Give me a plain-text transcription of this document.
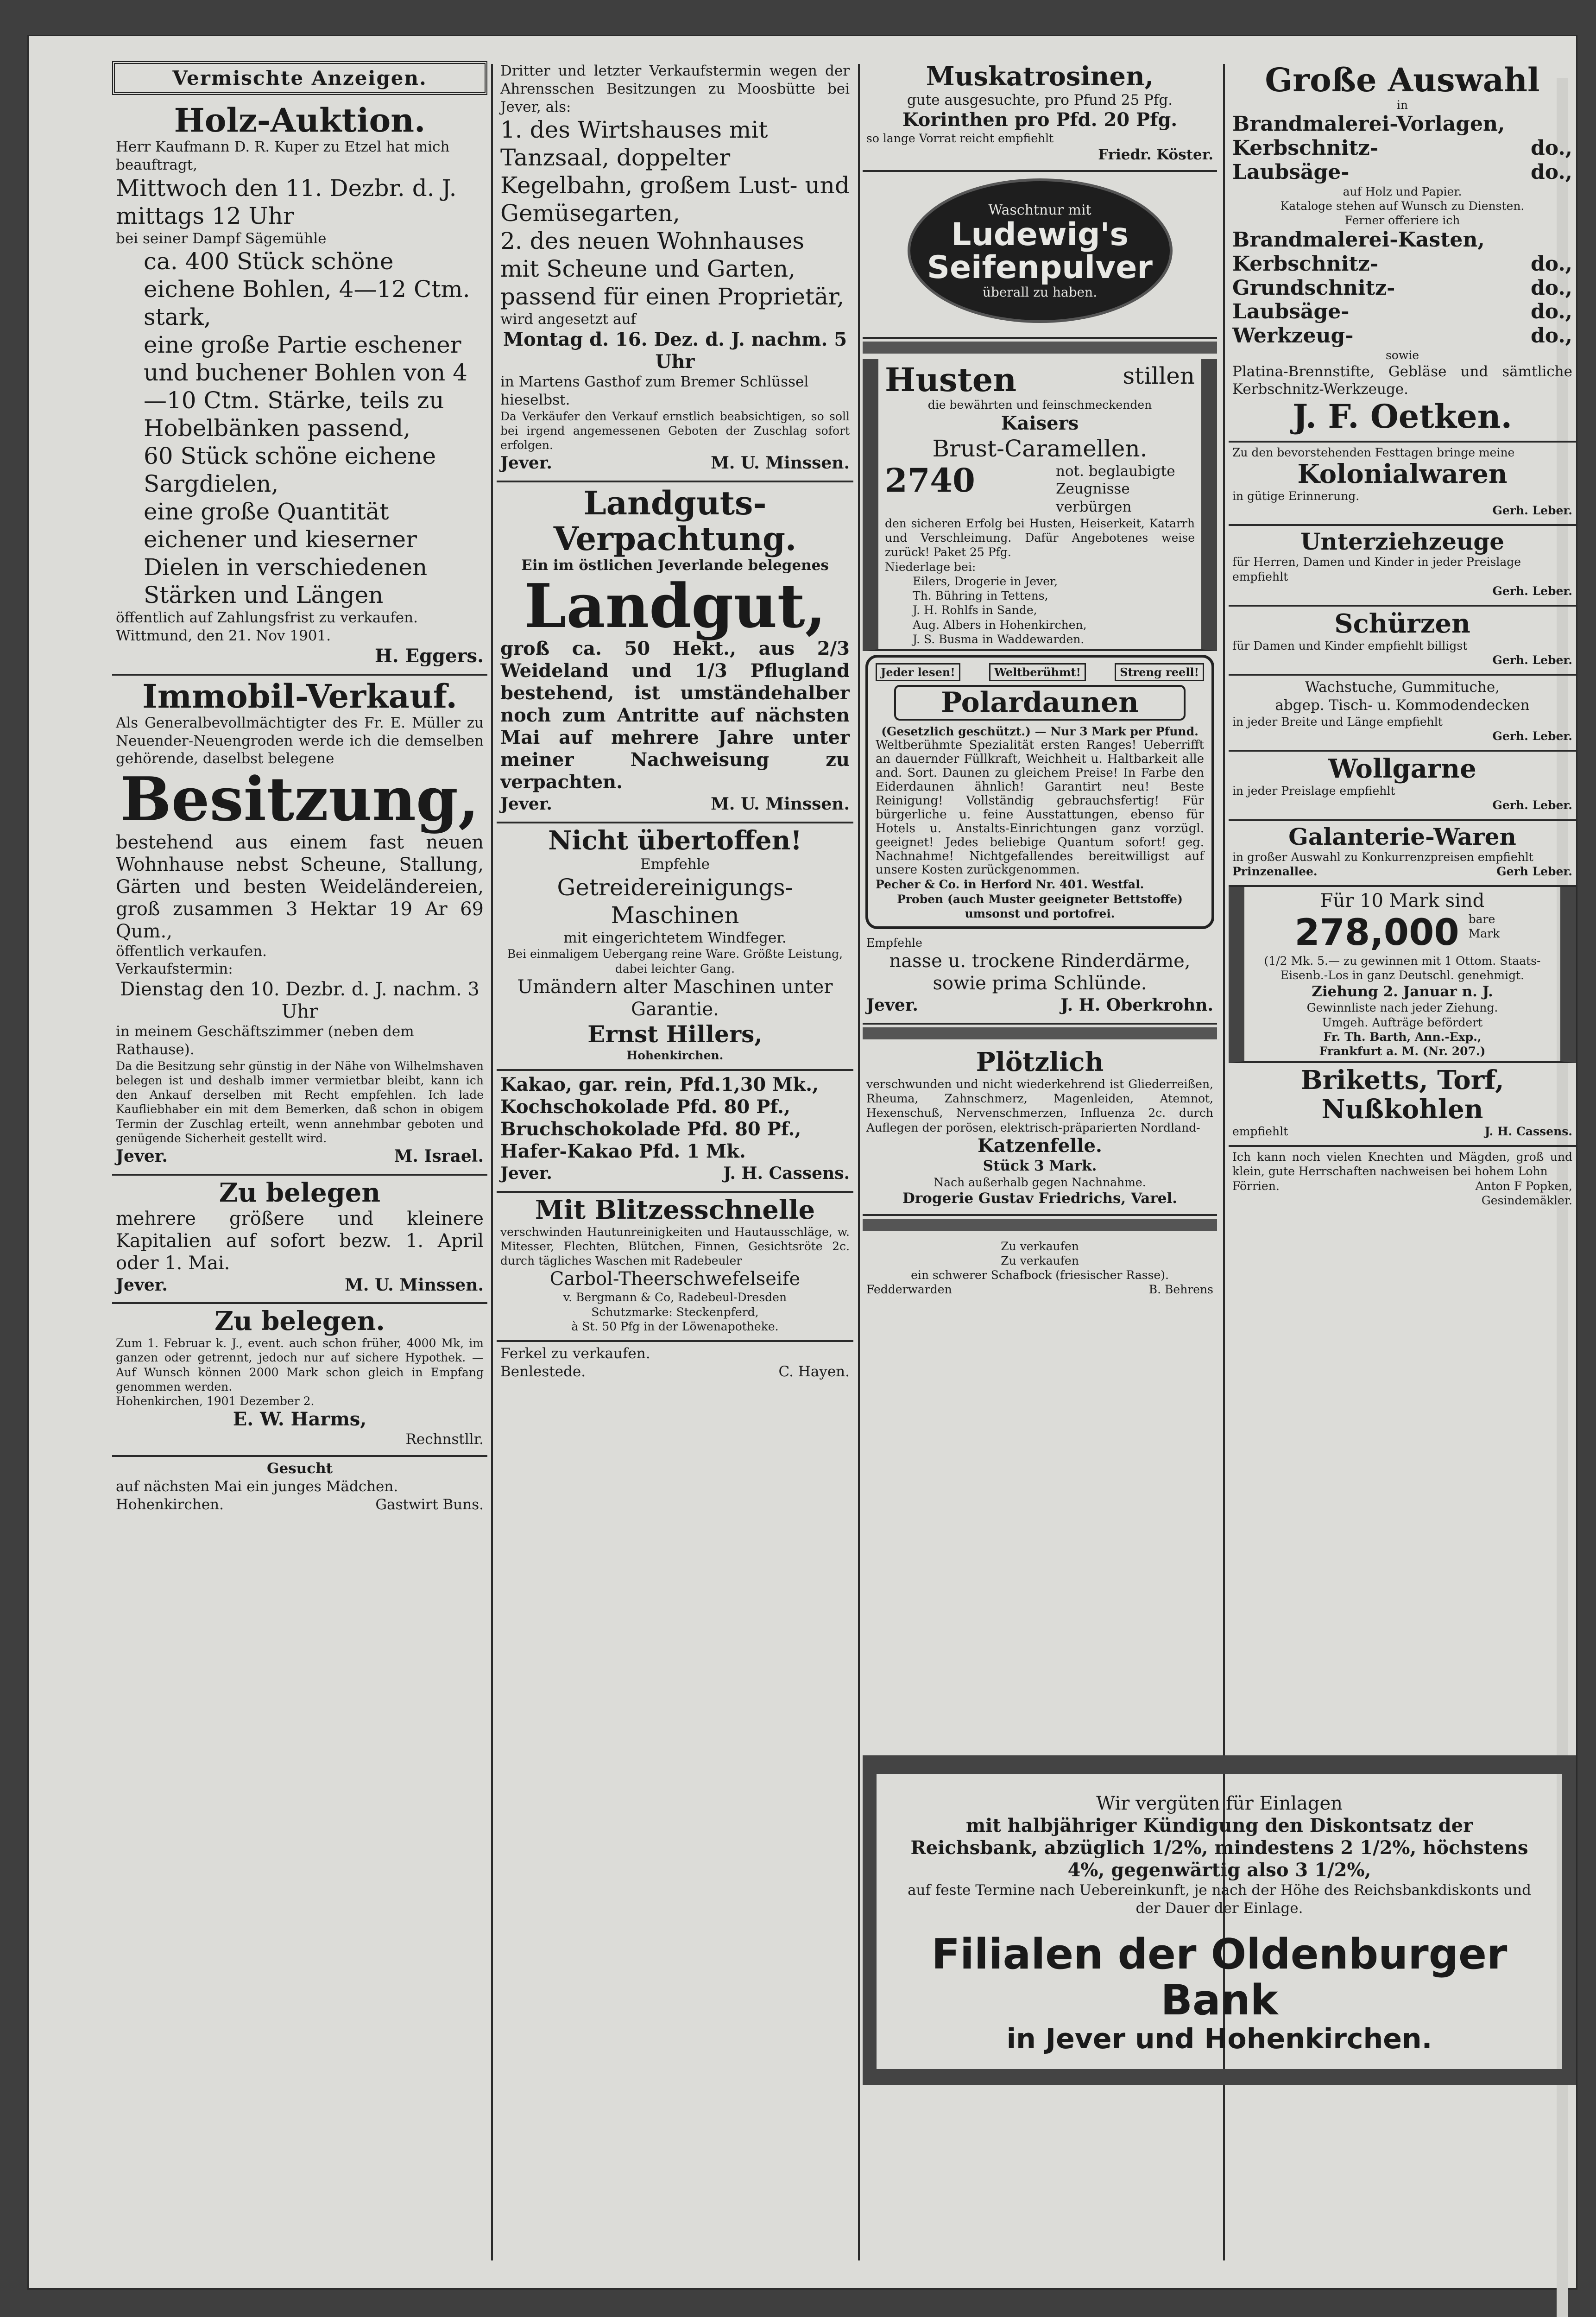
Vermischte Anzeigen.

Holz-Auktion.

Herr Kaufmann D. R. Kuper zu Etzel hat mich beauftragt,

Mittwoch den 11. Dezbr. d. J. mittags 12 Uhr

bei seiner Dampf Sägemühle

ca. 400 Stück schöne eichene Bohlen, 4—12 Ctm. stark,

eine große Partie eschener und buchener Bohlen von 4—10 Ctm. Stärke, teils zu Hobelbänken passend,

60 Stück schöne eichene Sargdielen,

eine große Quantität eichener und kieserner Dielen in verschiedenen Stärken und Längen

öffentlich auf Zahlungsfrist zu verkaufen.

Wittmund, den 21. Nov 1901.

H. Eggers.

Immobil-Verkauf.

Als Generalbevollmächtigter des Fr. E. Müller zu Neuender-Neuengroden werde ich die demselben gehörende, daselbst belegene

Besitzung,

bestehend aus einem fast neuen Wohnhause nebst Scheune, Stallung, Gärten und besten Weideländereien, groß zusammen 3 Hektar 19 Ar 69 Qum.,

öffentlich verkaufen.

Verkaufstermin:

Dienstag den 10. Dezbr. d. J. nachm. 3 Uhr

in meinem Geschäftszimmer (neben dem Rathause).

Da die Besitzung sehr günstig in der Nähe von Wilhelmshaven belegen ist und deshalb immer vermietbar bleibt, kann ich den Ankauf derselben mit Recht empfehlen. Ich lade Kaufliebhaber ein mit dem Bemerken, daß schon in obigem Termin der Zuschlag erteilt, wenn annehmbar geboten und genügende Sicherheit gestellt wird.

Jever.	M. Israel.

Zu belegen

mehrere größere und kleinere Kapitalien auf sofort bezw. 1. April oder 1. Mai.

Jever.	M. U. Minssen.

Zu belegen.

Zum 1. Februar k. J., event. auch schon früher, 4000 Mk, im ganzen oder getrennt, jedoch nur auf sichere Hypothek. — Auf Wunsch können 2000 Mark schon gleich in Empfang genommen werden.

Hohenkirchen, 1901 Dezember 2.

E. W. Harms,

Rechnstllr.

Gesucht

auf nächsten Mai ein junges Mädchen.

Hohenkirchen.	Gastwirt Buns.

Dritter und letzter Verkaufstermin wegen der Ahrensschen Besitzungen zu Moosbütte bei Jever, als:

1. des Wirtshauses mit Tanzsaal, doppelter Kegelbahn, großem Lust- und Gemüsegarten,

2. des neuen Wohnhauses mit Scheune und Garten, passend für einen Proprietär,

wird angesetzt auf

Montag d. 16. Dez. d. J. nachm. 5 Uhr

in Martens Gasthof zum Bremer Schlüssel hieselbst.

Da Verkäufer den Verkauf ernstlich beabsichtigen, so soll bei irgend angemessenen Geboten der Zuschlag sofort erfolgen.

Jever.	M. U. Minssen.

Landguts-

Verpachtung.

Ein im östlichen Jeverlande belegenes

Landgut,

groß ca. 50 Hekt., aus 2/3 Weideland und 1/3 Pflugland bestehend, ist umständehalber noch zum Antritte auf nächsten Mai auf mehrere Jahre unter meiner Nachweisung zu verpachten.

Jever.	M. U. Minssen.

Nicht übertoffen!

Empfehle

Getreidereinigungs-Maschinen

mit eingerichtetem Windfeger.

Bei einmaligem Uebergang reine Ware. Größte Leistung, dabei leichter Gang.

Umändern alter Maschinen unter Garantie.

Ernst Hillers,

Hohenkirchen.

Kakao, gar. rein, Pfd.1,30 Mk.,

Kochschokolade Pfd. 80 Pf.,

Bruchschokolade Pfd. 80 Pf.,

Hafer-Kakao Pfd. 1 Mk.

Jever.	J. H. Cassens.

Mit Blitzesschnelle

verschwinden Hautunreinigkeiten und Hautausschläge, w. Mitesser, Flechten, Blütchen, Finnen, Gesichtsröte 2c. durch tägliches Waschen mit Radebeuler

Carbol-Theerschwefelseife

v. Bergmann & Co, Radebeul-Dresden

Schutzmarke: Steckenpferd,

à St. 50 Pfg in der Löwenapotheke.

Ferkel zu verkaufen.

Benlestede.	C. Hayen.

Muskatrosinen,

gute ausgesuchte, pro Pfund 25 Pfg.

Korinthen pro Pfd. 20 Pfg.

so lange Vorrat reicht empfiehlt

Friedr. Köster.

Waschtnur mit
Ludewig's
Seifenpulver
überall zu haben.
Husten	stillen

die bewährten und feinschmeckenden

Kaisers

Brust-Caramellen.

2740	not. beglaubigte Zeugnisse verbürgen

den sicheren Erfolg bei Husten, Heiserkeit, Katarrh und Verschleimung. Dafür Angebotenes weise zurück! Paket 25 Pfg.

Niederlage bei:

Eilers, Drogerie in Jever,

Th. Bühring in Tettens,

J. H. Rohlfs in Sande,

Aug. Albers in Hohenkirchen,

J. S. Busma in Waddewarden.

Jeder lesen!	Weltberühmt!	Streng reell!

Polardaunen

(Gesetzlich geschützt.) — Nur 3 Mark per Pfund.

Weltberühmte Spezialität ersten Ranges! Ueberrifft an dauernder Füllkraft, Weichheit u. Haltbarkeit alle and. Sort. Daunen zu gleichem Preise! In Farbe den Eiderdaunen ähnlich! Garantirt neu! Beste Reinigung! Vollständig gebrauchsfertig! Für bürgerliche u. feine Ausstattungen, ebenso für Hotels u. Anstalts-Einrichtungen ganz vorzügl. geeignet! Jedes beliebige Quantum sofort! geg. Nachnahme! Nichtgefallendes bereitwilligst auf unsere Kosten zurückgenommen.

Pecher & Co. in Herford Nr. 401. Westfal.

Proben (auch Muster geeigneter Bettstoffe) umsonst und portofrei.

Empfehle

nasse u. trockene Rinderdärme,

sowie prima Schlünde.

Jever.	J. H. Oberkrohn.

Plötzlich

verschwunden und nicht wiederkehrend ist Gliederreißen, Rheuma, Zahnschmerz, Magenleiden, Atemnot, Hexenschuß, Nervenschmerzen, Influenza 2c. durch Auflegen der porösen, elektrisch-präparierten Nordland-

Katzenfelle.

Stück 3 Mark.

Nach außerhalb gegen Nachnahme.

Drogerie Gustav Friedrichs, Varel.

Zu verkaufen

Zu verkaufen

ein schwerer Schafbock (friesischer Rasse).

Fedderwarden	B. Behrens

Große Auswahl

in

Brandmalerei-Vorlagen,
Kerbschnitz-	do.,
Laubsäge-	do.,

auf Holz und Papier.

Kataloge stehen auf Wunsch zu Diensten.

Ferner offeriere ich

Brandmalerei-Kasten,
Kerbschnitz-	do.,
Grundschnitz-	do.,
Laubsäge-	do.,
Werkzeug-	do.,

sowie

Platina-Brennstifte, Gebläse und sämtliche Kerbschnitz-Werkzeuge.

J. F. Oetken.

Zu den bevorstehenden Festtagen bringe meine

Kolonialwaren

in gütige Erinnerung.

Gerh. Leber.

Unterziehzeuge

für Herren, Damen und Kinder in jeder Preislage empfiehlt

Gerh. Leber.

Schürzen

für Damen und Kinder empfiehlt billigst

Gerh. Leber.

Wachstuche, Gummituche,

abgep. Tisch- u. Kommodendecken

in jeder Breite und Länge empfiehlt

Gerh. Leber.

Wollgarne

in jeder Preislage empfiehlt

Gerh. Leber.

Galanterie-Waren

in großer Auswahl zu Konkurrenzpreisen empfiehlt

Prinzenallee.	Gerh Leber.

Für 10 Mark sind

278,000 bare Mark

(1/2 Mk. 5.— zu gewinnen mit 1 Ottom. Staats-Eisenb.-Los in ganz Deutschl. genehmigt.

Ziehung 2. Januar n. J.

Gewinnliste nach jeder Ziehung.

Umgeh. Aufträge befördert

Fr. Th. Barth, Ann.-Exp.,

Frankfurt a. M. (Nr. 207.)

Briketts, Torf,

Nußkohlen

empfiehlt	J. H. Cassens.

Ich kann noch vielen Knechten und Mägden, groß und klein, gute Herrschaften nachweisen bei hohem Lohn

Förrien.	Anton F Popken,

Gesindemäkler.

Wir vergüten für Einlagen

mit halbjähriger Kündigung den Diskontsatz der Reichsbank, abzüglich 1/2%, mindestens 2 1/2%, höchstens 4%, gegenwärtig also 3 1/2%,

auf feste Termine nach Uebereinkunft, je nach der Höhe des Reichsbankdiskonts und der Dauer der Einlage.

Filialen der Oldenburger Bank

in Jever und Hohenkirchen.
